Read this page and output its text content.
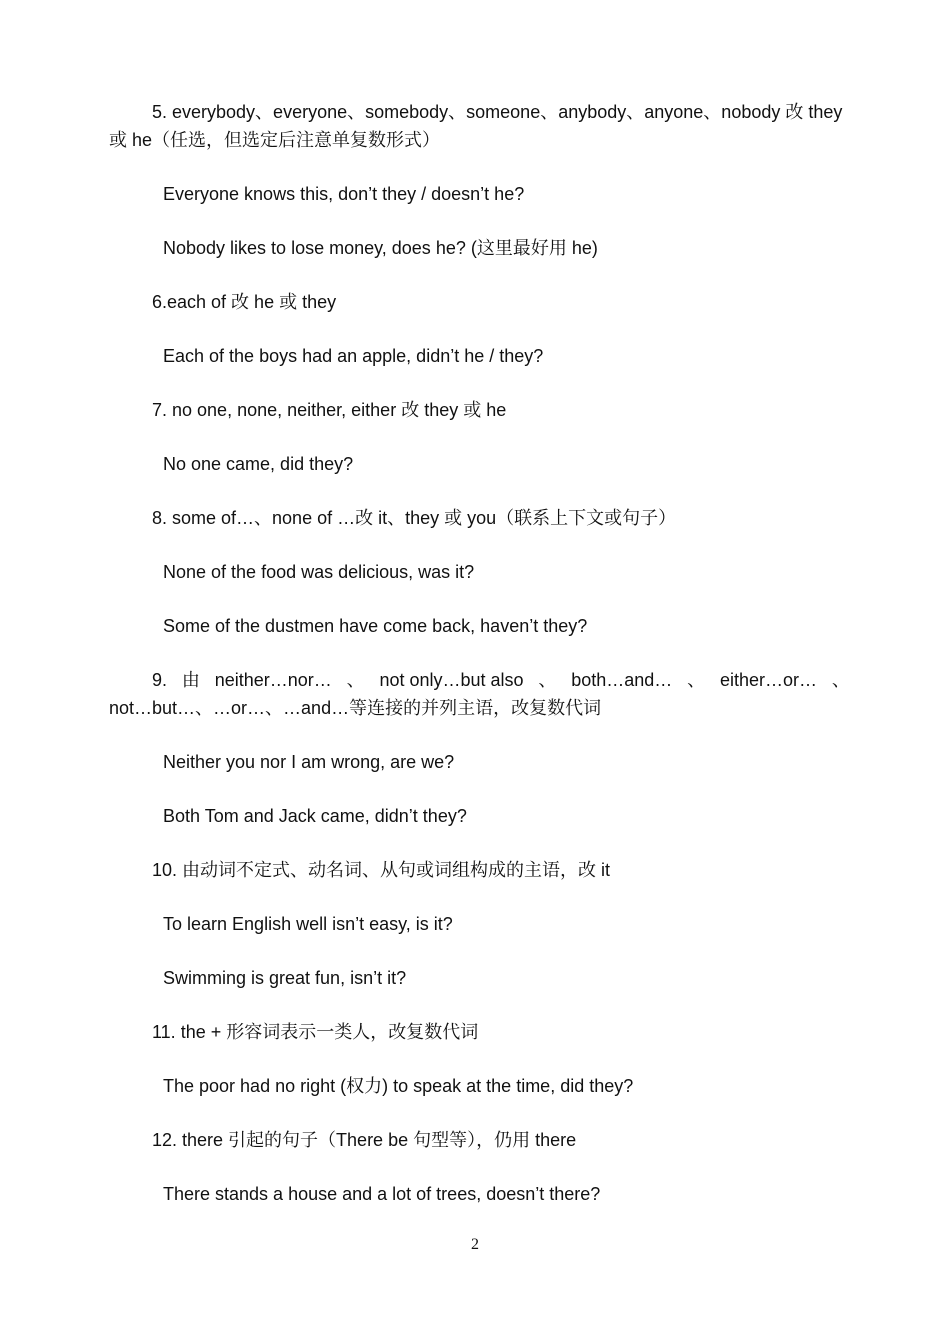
5. everybody、everyone、somebody、someone、anybody、anyone、nobody 改 they
或 he（任选，但选定后注意单复数形式）
Everyone knows this, don’t they / doesn’t he?
Nobody likes to lose money, does he? (这里最好用 he)
6.each of 改 he 或 they
Each of the boys had an apple, didn’t he / they?
7. no one, none, neither, either 改 they 或 he
No one came, did they?
8. some of…、none of …改 it、they 或 you（联系上下文或句子）
None of the food was delicious, was it?
Some of the dustmen have come back, haven’t they?
9. 由 neither…nor… 、 not only…but also 、 both…and… 、 either…or… 、
not…but…、…or…、…and…等连接的并列主语，改复数代词
Neither you nor I am wrong, are we?
Both Tom and Jack came, didn’t they?
10. 由动词不定式、动名词、从句或词组构成的主语，改 it
To learn English well isn’t easy, is it?
Swimming is great fun, isn’t it?
11. the + 形容词表示一类人，改复数代词
The poor had no right (权力) to speak at the time, did they?
12. there 引起的句子（There be 句型等），仍用 there
There stands a house and a lot of trees, doesn’t there?
2
